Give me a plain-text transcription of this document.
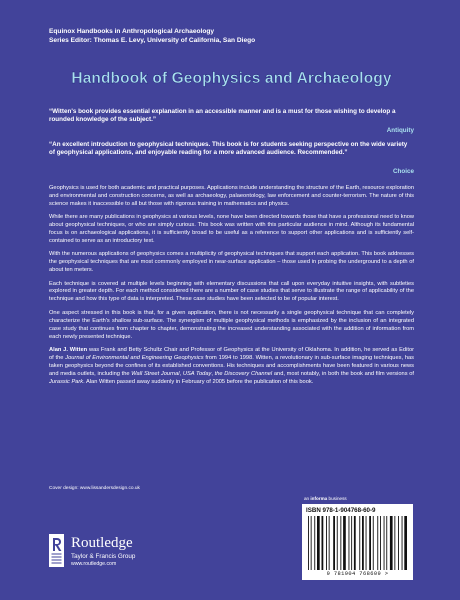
Equinox Handbooks in Anthropological Archaeology
Series Editor: Thomas E. Levy, University of California, San Diego
Handbook of Geophysics and Archaeology
“Witten's book provides essential explanation in an accessible manner and is a must for those wishing to develop a rounded knowledge of the subject.”
Antiquity
“An excellent introduction to geophysical techniques. This book is for students seeking perspective on the wide variety of geophysical applications, and enjoyable reading for a more advanced audience. Recommended.”
Choice

Geophysics is used for both academic and practical purposes. Applications include understanding the structure of the Earth, resource exploration and environmental and construction concerns, as well as archaeology, palaeontology, law enforcement and counter-terrorism. The nature of this science makes it inaccessible to all but those with rigorous training in mathematics and physics.

While there are many publications in geophysics at various levels, none have been directed towards those that have a professional need to know about geophysical techniques, or who are simply curious. This book was written with this particular audience in mind. Although its fundamental focus is on archaeological applications, it is sufficiently broad to be useful as a reference to support other applications and is sufficiently self-contained to serve as an introductory text.

With the numerous applications of geophysics comes a multiplicity of geophysical techniques that support each application. This book addresses the geophysical techniques that are most commonly employed in near-surface application – those used in probing the underground to a depth of about ten meters.

Each technique is covered at multiple levels beginning with elementary discussions that call upon everyday intuitive insights, with subtleties explored in greater depth. For each method considered there are a number of case studies that serve to illustrate the range of applicability of the technique and how this type of data is interpreted. These case studies have been selected to be of popular interest.

One aspect stressed in this book is that, for a given application, there is not necessarily a single geophysical technique that can completely characterize the Earth's shallow sub-surface. The synergism of multiple geophysical methods is emphasized by the inclusion of an integrated case study that continues from chapter to chapter, demonstrating the increased understanding associated with the addition of information from each newly presented technique.

Alan J. Witten was Frank and Betty Schultz Chair and Professor of Geophysics at the University of Oklahoma. In addition, he served as Editor of the Journal of Environmental and Engineering Geophysics from 1994 to 1998. Witten, a revolutionary in sub-surface imaging techniques, has taken geophysics beyond the confines of its established conventions. His techniques and accomplishments have been featured in various news and media outlets, including the Wall Street Journal, USA Today, the Discovery Channel and, most notably, in both the book and film versions of Jurassic Park. Alan Witten passed away suddenly in February of 2005 before the publication of this book.

Cover design: www.lissandersdesign.co.uk
Routledge
Taylor & Francis Group
www.routledge.com
an informa business
ISBN 978-1-904768-60-9
9 781904 768609 >
